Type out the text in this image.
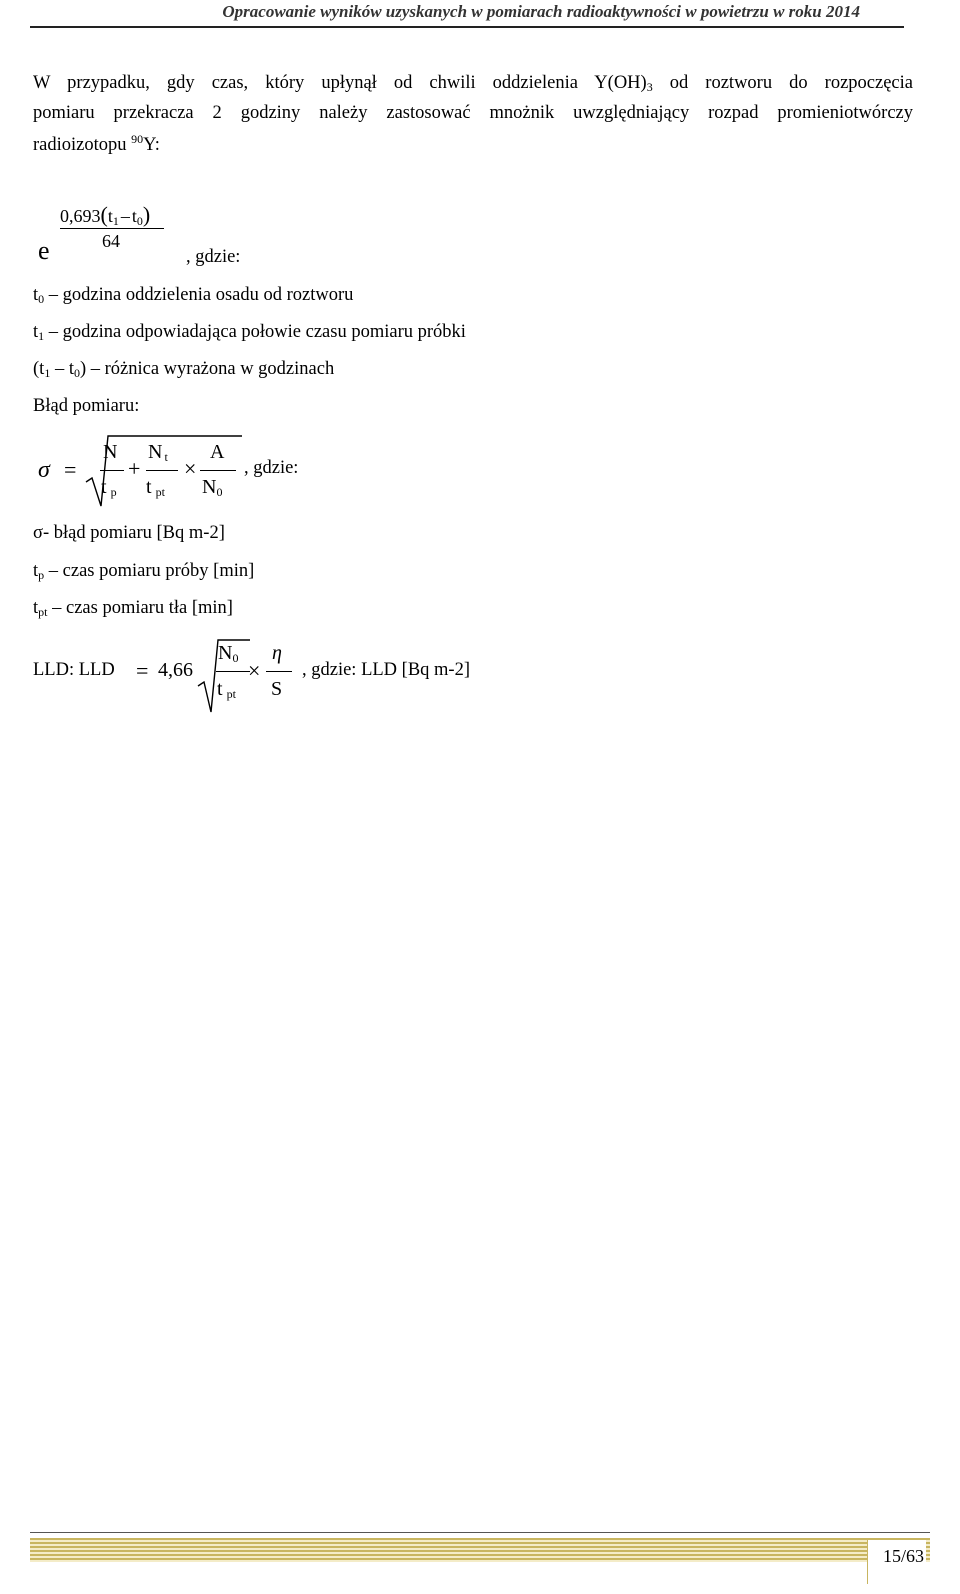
Opracowanie wyników uzyskanych w pomiarach radioaktywności w powietrzu w roku 2014
W przypadku, gdy czas, który upłynął od chwili oddzielenia $Y(OH)_3$ od roztworu do rozpoczęcia
pomiaru przekracza 2 godziny należy zastosować mnożnik uwzględniający rozpad promieniotwórczy
radioizotopu $^{90}$Y:
e
$0,693(t_1 - t_0)$
64
, gdzie:
$t_0$ – godzina oddzielenia osadu od roztworu
$t_1$ – godzina odpowiadająca połowie czasu pomiaru próbki
$(t_1 - t_0)$ – różnica wyrażona w godzinach
Błąd pomiaru:
σ =
N
t $_p$
+
N $_t$
t $_{pt}$
×
A
$N_0$
, gdzie:
σ- błąd pomiaru [Bq m-2]
$t_p$ – czas pomiaru próby [min]
$t_{pt}$ – czas pomiaru tła [min]
LLD: LLD = 4,66
$N_0$
t $_{pt}$
×
η
S
, gdzie: LLD [Bq m-2]
15/63
